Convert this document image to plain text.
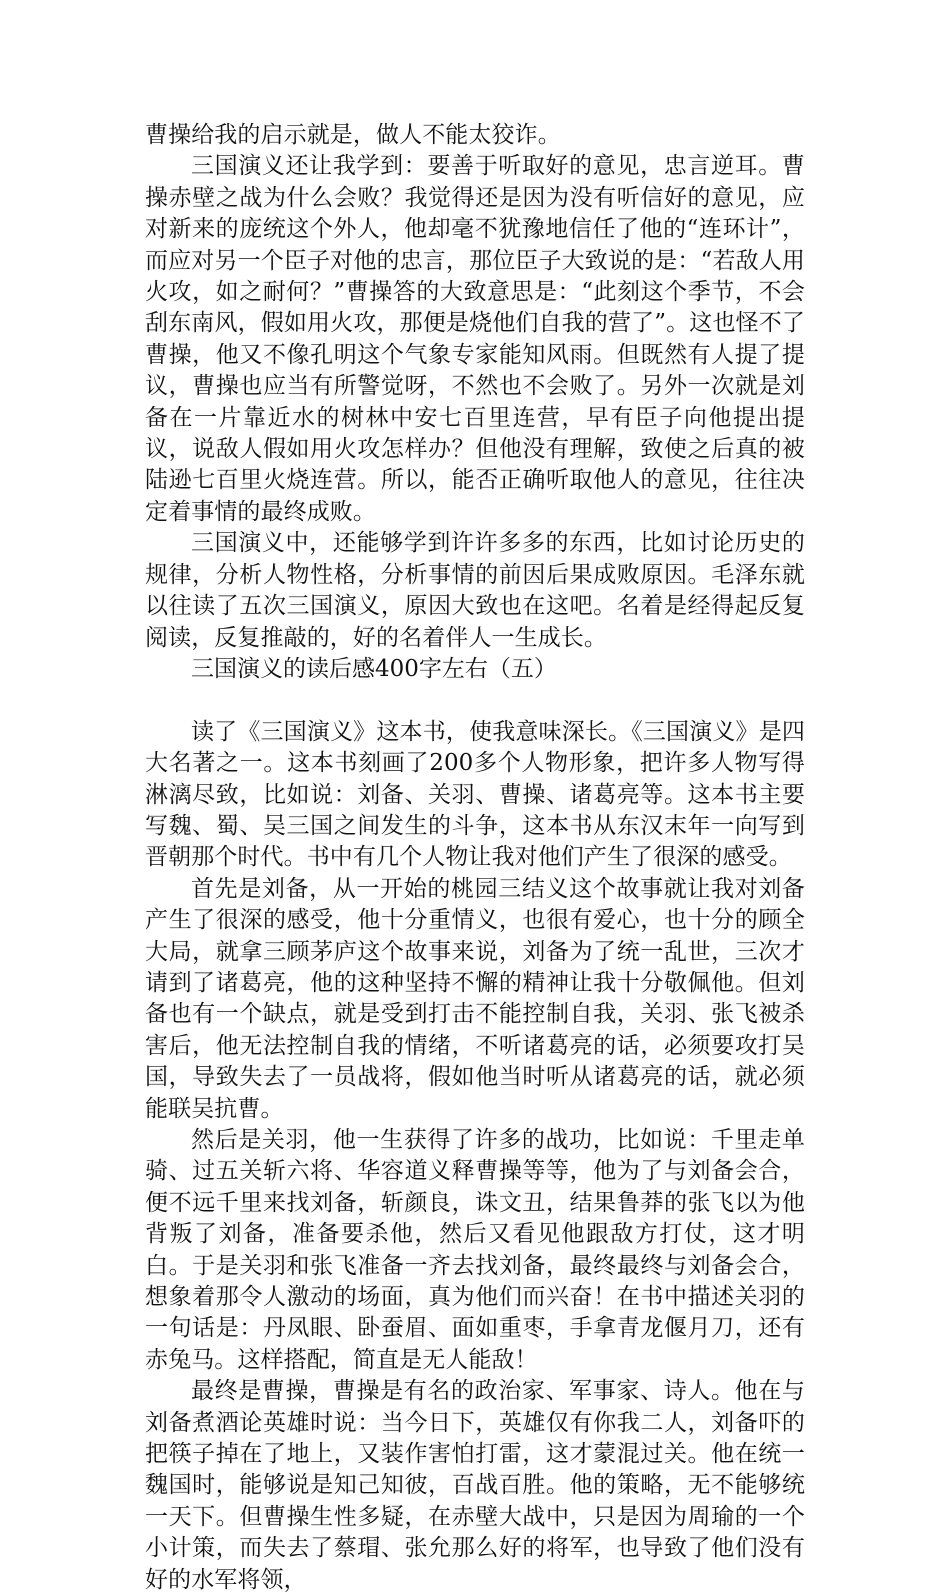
曹操给我的启示就是，做人不能太狡诈。

三国演义还让我学到：要善于听取好的意见，忠言逆耳。曹操赤壁之战为什么会败？我觉得还是因为没有听信好的意见，应对新来的庞统这个外人，他却毫不犹豫地信任了他的“连环计”，而应对另一个臣子对他的忠言，那位臣子大致说的是：“若敌人用火攻，如之耐何？”曹操答的大致意思是：“此刻这个季节，不会刮东南风，假如用火攻，那便是烧他们自我的营了”。这也怪不了曹操，他又不像孔明这个气象专家能知风雨。但既然有人提了提议，曹操也应当有所警觉呀，不然也不会败了。另外一次就是刘备在一片靠近水的树林中安七百里连营，早有臣子向他提出提议，说敌人假如用火攻怎样办？但他没有理解，致使之后真的被陆逊七百里火烧连营。所以，能否正确听取他人的意见，往往决定着事情的最终成败。

三国演义中，还能够学到许许多多的东西，比如讨论历史的规律，分析人物性格，分析事情的前因后果成败原因。毛泽东就以往读了五次三国演义，原因大致也在这吧。名着是经得起反复阅读，反复推敲的，好的名着伴人一生成长。

三国演义的读后感400字左右（五）

读了《三国演义》这本书，使我意味深长。《三国演义》是四大名著之一。这本书刻画了200多个人物形象，把许多人物写得淋漓尽致，比如说：刘备、关羽、曹操、诸葛亮等。这本书主要写魏、蜀、吴三国之间发生的斗争，这本书从东汉末年一向写到晋朝那个时代。书中有几个人物让我对他们产生了很深的感受。

首先是刘备，从一开始的桃园三结义这个故事就让我对刘备产生了很深的感受，他十分重情义，也很有爱心，也十分的顾全大局，就拿三顾茅庐这个故事来说，刘备为了统一乱世，三次才请到了诸葛亮，他的这种坚持不懈的精神让我十分敬佩他。但刘备也有一个缺点，就是受到打击不能控制自我，关羽、张飞被杀害后，他无法控制自我的情绪，不听诸葛亮的话，必须要攻打吴国，导致失去了一员战将，假如他当时听从诸葛亮的话，就必须能联吴抗曹。

然后是关羽，他一生获得了许多的战功，比如说：千里走单骑、过五关斩六将、华容道义释曹操等等，他为了与刘备会合，便不远千里来找刘备，斩颜良，诛文丑，结果鲁莽的张飞以为他背叛了刘备，准备要杀他，然后又看见他跟敌方打仗，这才明白。于是关羽和张飞准备一齐去找刘备，最终最终与刘备会合，想象着那令人激动的场面，真为他们而兴奋！在书中描述关羽的一句话是：丹凤眼、卧蚕眉、面如重枣，手拿青龙偃月刀，还有赤兔马。这样搭配，简直是无人能敌！

最终是曹操，曹操是有名的政治家、军事家、诗人。他在与刘备煮酒论英雄时说：当今日下，英雄仅有你我二人，刘备吓的把筷子掉在了地上，又装作害怕打雷，这才蒙混过关。他在统一魏国时，能够说是知己知彼，百战百胜。他的策略，无不能够统一天下。但曹操生性多疑，在赤壁大战中，只是因为周瑜的一个小计策，而失去了蔡瑁、张允那么好的将军，也导致了他们没有好的水军将领，
